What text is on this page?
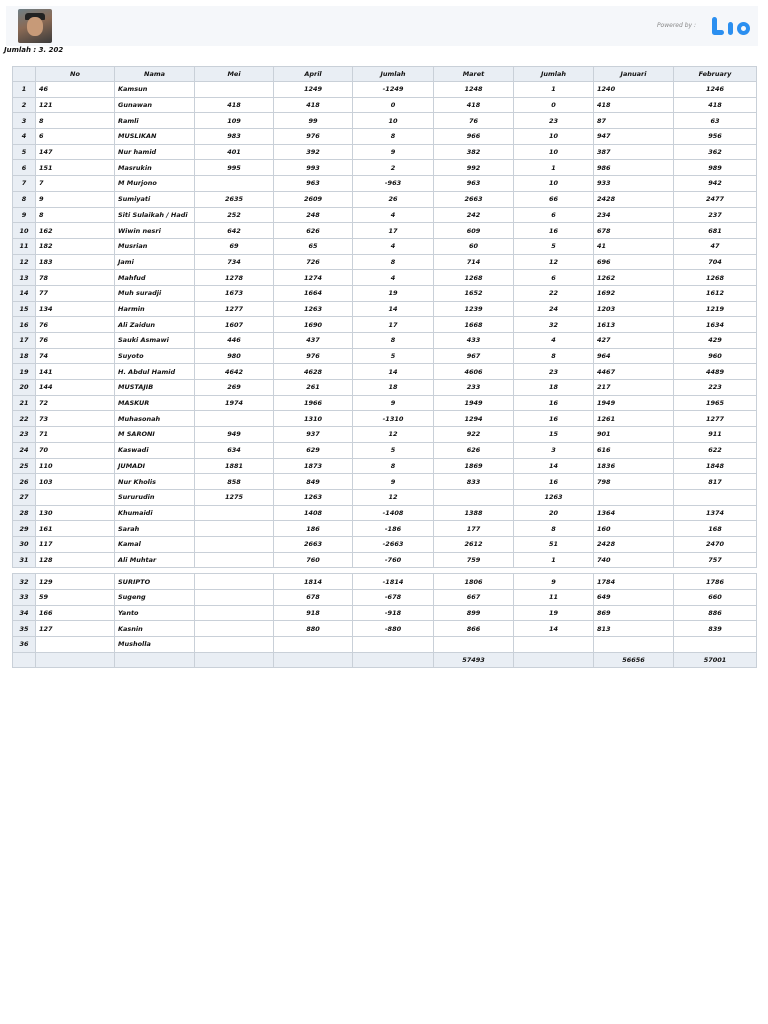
Powered by :
Jumlah : 3. 202
	No	Nama	Mei	April	Jumlah	Maret	Jumlah	Januari	February
1	46	Kamsun		1249	-1249	1248	1	1240	1246
2	121	Gunawan	418	418	0	418	0	418	418
3	8	Ramli	109	99	10	76	23	87	63
4	6	MUSLIKAN	983	976	8	966	10	947	956
5	147	Nur hamid	401	392	9	382	10	387	362
6	151	Masrukin	995	993	2	992	1	986	989
7	7	M Murjono		963	-963	963	10	933	942
8	9	Sumiyati	2635	2609	26	2663	66	2428	2477
9	8	Siti Sulaikah / Hadi	252	248	4	242	6	234	237
10	162	Wiwin nesri	642	626	17	609	16	678	681
11	182	Musrian	69	65	4	60	5	41	47
12	183	Jami	734	726	8	714	12	696	704
13	78	Mahfud	1278	1274	4	1268	6	1262	1268
14	77	Muh suradji	1673	1664	19	1652	22	1692	1612
15	134	Harmin	1277	1263	14	1239	24	1203	1219
16	76	Ali Zaidun	1607	1690	17	1668	32	1613	1634
17	76	Sauki Asmawi	446	437	8	433	4	427	429
18	74	Suyoto	980	976	5	967	8	964	960
19	141	H. Abdul Hamid	4642	4628	14	4606	23	4467	4489
20	144	MUSTAJIB	269	261	18	233	18	217	223
21	72	MASKUR	1974	1966	9	1949	16	1949	1965
22	73	Muhasonah		1310	-1310	1294	16	1261	1277
23	71	M SARONI	949	937	12	922	15	901	911
24	70	Kaswadi	634	629	5	626	3	616	622
25	110	JUMADI	1881	1873	8	1869	14	1836	1848
26	103	Nur Kholis	858	849	9	833	16	798	817
27		Sururudin	1275	1263	12		1263		
28	130	Khumaidi		1408	-1408	1388	20	1364	1374
29	161	Sarah		186	-186	177	8	160	168
30	117	Kamal		2663	-2663	2612	51	2428	2470
31	128	Ali Muhtar		760	-760	759	1	740	757

32	129	SURIPTO		1814	-1814	1806	9	1784	1786
33	59	Sugeng		678	-678	667	11	649	660
34	166	Yanto		918	-918	899	19	869	886
35	127	Kasnin		880	-880	866	14	813	839
36		Musholla							
						57493		56656	57001
